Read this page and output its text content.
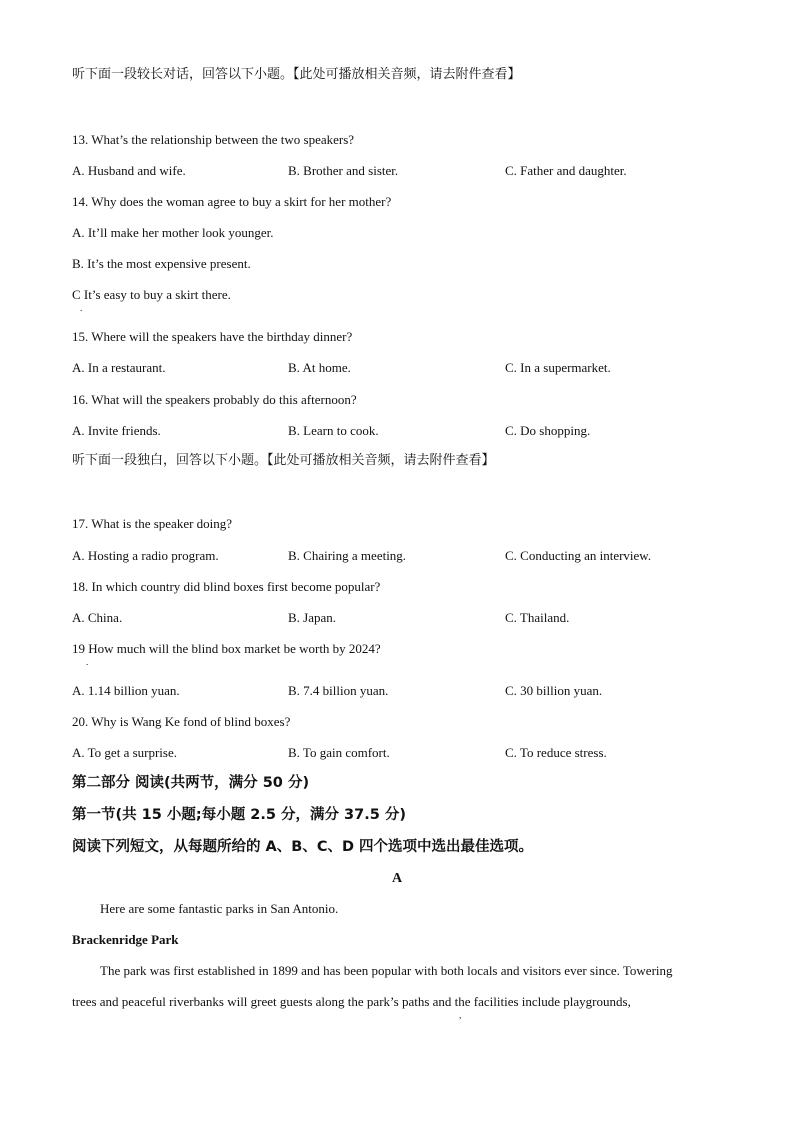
听下面一段较长对话，回答以下小题。【此处可播放相关音频，请去附件查看】
13. What’s the relationship between the two speakers?
A. Husband and wife.	B. Brother and sister.	C. Father and daughter.
14. Why does the woman agree to buy a skirt for her mother?
A. It’ll make her mother look younger.
B. It’s the most expensive present.
C It’s easy to buy a skirt there.
.
15. Where will the speakers have the birthday dinner?
A. In a restaurant.	B. At home.	C. In a supermarket.
16. What will the speakers probably do this afternoon?
A. Invite friends.	B. Learn to cook.	C. Do shopping.
听下面一段独白，回答以下小题。【此处可播放相关音频，请去附件查看】
17. What is the speaker doing?
A. Hosting a radio program.	B. Chairing a meeting.	C. Conducting an interview.
18. In which country did blind boxes first become popular?
A. China.	B. Japan.	C. Thailand.
19 How much will the blind box market be worth by 2024?
.
A. 1.14 billion yuan.	B. 7.4 billion yuan.	C. 30 billion yuan.
20. Why is Wang Ke fond of blind boxes?
A. To get a surprise.	B. To gain comfort.	C. To reduce stress.
第二部分 阅读(共两节，满分 50 分)
第一节(共 15 小题;每小题 2.5 分，满分 37.5 分)
阅读下列短文，从每题所给的 A、B、C、D 四个选项中选出最佳选项。
A
Here are some fantastic parks in San Antonio.
Brackenridge Park
The park was first established in 1899 and has been popular with both locals and visitors ever since. Towering
trees and peaceful riverbanks will greet guests along the park’s paths and the facilities include playgrounds,
,
